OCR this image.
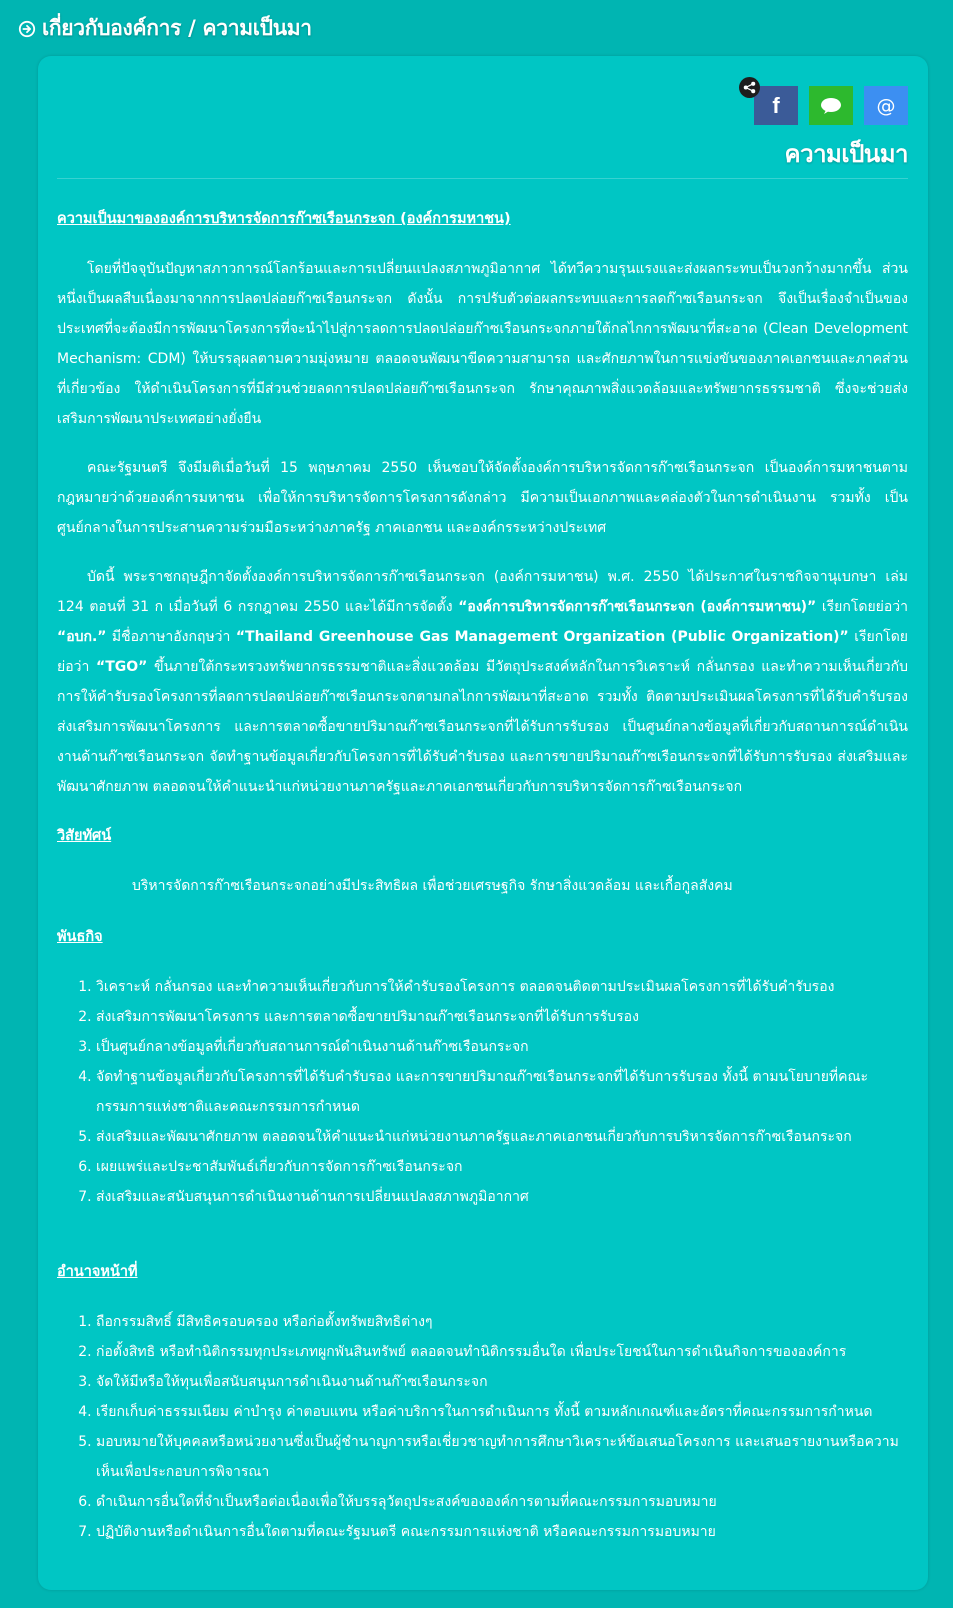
เกี่ยวกับองค์การ / ความเป็นมา
f	@
ความเป็นมา

ความเป็นมาขององค์การบริหารจัดการก๊าซเรือนกระจก (องค์การมหาชน)

โดยที่ปัจจุบันปัญหาสภาวการณ์โลกร้อนและการเปลี่ยนแปลงสภาพภูมิอากาศ ได้ทวีความรุนแรงและส่งผลกระทบเป็นวงกว้างมากขึ้น ส่วนหนึ่งเป็นผลสืบเนื่องมาจากการปลดปล่อยก๊าซเรือนกระจก ดังนั้น การปรับตัวต่อผลกระทบและการลดก๊าซเรือนกระจก จึงเป็นเรื่องจำเป็นของประเทศที่จะต้องมีการพัฒนาโครงการที่จะนำไปสู่การลดการปลดปล่อยก๊าซเรือนกระจกภายใต้กลไกการพัฒนาที่สะอาด (Clean Development Mechanism: CDM) ให้บรรลุผลตามความมุ่งหมาย ตลอดจนพัฒนาขีดความสามารถ และศักยภาพในการแข่งขันของภาคเอกชนและภาคส่วนที่เกี่ยวข้อง ให้ดำเนินโครงการที่มีส่วนช่วยลดการปลดปล่อยก๊าซเรือนกระจก รักษาคุณภาพสิ่งแวดล้อมและทรัพยากรธรรมชาติ ซึ่งจะช่วยส่งเสริมการพัฒนาประเทศอย่างยั่งยืน

คณะรัฐมนตรี จึงมีมติเมื่อวันที่ 15 พฤษภาคม 2550 เห็นชอบให้จัดตั้งองค์การบริหารจัดการก๊าซเรือนกระจก เป็นองค์การมหาชนตามกฎหมายว่าด้วยองค์การมหาชน เพื่อให้การบริหารจัดการโครงการดังกล่าว มีความเป็นเอกภาพและคล่องตัวในการดำเนินงาน รวมทั้ง เป็นศูนย์กลางในการประสานความร่วมมือระหว่างภาครัฐ ภาคเอกชน และองค์กรระหว่างประเทศ

บัดนี้ พระราชกฤษฎีกาจัดตั้งองค์การบริหารจัดการก๊าซเรือนกระจก (องค์การมหาชน) พ.ศ. 2550 ได้ประกาศในราชกิจจานุเบกษา เล่ม 124 ตอนที่ 31 ก เมื่อวันที่ 6 กรกฎาคม 2550 และได้มีการจัดตั้ง “องค์การบริหารจัดการก๊าซเรือนกระจก (องค์การมหาชน)” เรียกโดยย่อว่า “อบก.” มีชื่อภาษาอังกฤษว่า “Thailand Greenhouse Gas Management Organization (Public Organization)” เรียกโดยย่อว่า “TGO” ขึ้นภายใต้กระทรวงทรัพยากรธรรมชาติและสิ่งแวดล้อม มีวัตถุประสงค์หลักในการวิเคราะห์ กลั่นกรอง และทำความเห็นเกี่ยวกับการให้คำรับรองโครงการที่ลดการปลดปล่อยก๊าซเรือนกระจกตามกลไกการพัฒนาที่สะอาด รวมทั้ง ติดตามประเมินผลโครงการที่ได้รับคำรับรอง ส่งเสริมการพัฒนาโครงการ และการตลาดซื้อขายปริมาณก๊าซเรือนกระจกที่ได้รับการรับรอง เป็นศูนย์กลางข้อมูลที่เกี่ยวกับสถานการณ์ดำเนินงานด้านก๊าซเรือนกระจก จัดทำฐานข้อมูลเกี่ยวกับโครงการที่ได้รับคำรับรอง และการขายปริมาณก๊าซเรือนกระจกที่ได้รับการรับรอง ส่งเสริมและพัฒนาศักยภาพ ตลอดจนให้คำแนะนำแก่หน่วยงานภาครัฐและภาคเอกชนเกี่ยวกับการบริหารจัดการก๊าซเรือนกระจก

วิสัยทัศน์

บริหารจัดการก๊าซเรือนกระจกอย่างมีประสิทธิผล เพื่อช่วยเศรษฐกิจ รักษาสิ่งแวดล้อม และเกื้อกูลสังคม

พันธกิจ

1. วิเคราะห์ กลั่นกรอง และทำความเห็นเกี่ยวกับการให้คำรับรองโครงการ ตลอดจนติดตามประเมินผลโครงการที่ได้รับคำรับรอง
2. ส่งเสริมการพัฒนาโครงการ และการตลาดซื้อขายปริมาณก๊าซเรือนกระจกที่ได้รับการรับรอง
3. เป็นศูนย์กลางข้อมูลที่เกี่ยวกับสถานการณ์ดำเนินงานด้านก๊าซเรือนกระจก
4. จัดทำฐานข้อมูลเกี่ยวกับโครงการที่ได้รับคำรับรอง และการขายปริมาณก๊าซเรือนกระจกที่ได้รับการรับรอง ทั้งนี้ ตามนโยบายที่คณะกรรมการแห่งชาติและคณะกรรมการกำหนด
5. ส่งเสริมและพัฒนาศักยภาพ ตลอดจนให้คำแนะนำแก่หน่วยงานภาครัฐและภาคเอกชนเกี่ยวกับการบริหารจัดการก๊าซเรือนกระจก
6. เผยแพร่และประชาสัมพันธ์เกี่ยวกับการจัดการก๊าซเรือนกระจก
7. ส่งเสริมและสนับสนุนการดำเนินงานด้านการเปลี่ยนแปลงสภาพภูมิอากาศ

อำนาจหน้าที่

1. ถือกรรมสิทธิ์ มีสิทธิครอบครอง หรือก่อตั้งทรัพยสิทธิต่างๆ
2. ก่อตั้งสิทธิ หรือทำนิติกรรมทุกประเภทผูกพันสินทรัพย์ ตลอดจนทำนิติกรรมอื่นใด เพื่อประโยชน์ในการดำเนินกิจการขององค์การ
3. จัดให้มีหรือให้ทุนเพื่อสนับสนุนการดำเนินงานด้านก๊าซเรือนกระจก
4. เรียกเก็บค่าธรรมเนียม ค่าบำรุง ค่าตอบแทน หรือค่าบริการในการดำเนินการ ทั้งนี้ ตามหลักเกณฑ์และอัตราที่คณะกรรมการกำหนด
5. มอบหมายให้บุคคลหรือหน่วยงานซึ่งเป็นผู้ชำนาญการหรือเชี่ยวชาญทำการศึกษาวิเคราะห์ข้อเสนอโครงการ และเสนอรายงานหรือความเห็นเพื่อประกอบการพิจารณา
6. ดำเนินการอื่นใดที่จำเป็นหรือต่อเนื่องเพื่อให้บรรลุวัตถุประสงค์ขององค์การตามที่คณะกรรมการมอบหมาย
7. ปฏิบัติงานหรือดำเนินการอื่นใดตามที่คณะรัฐมนตรี คณะกรรมการแห่งชาติ หรือคณะกรรมการมอบหมาย
